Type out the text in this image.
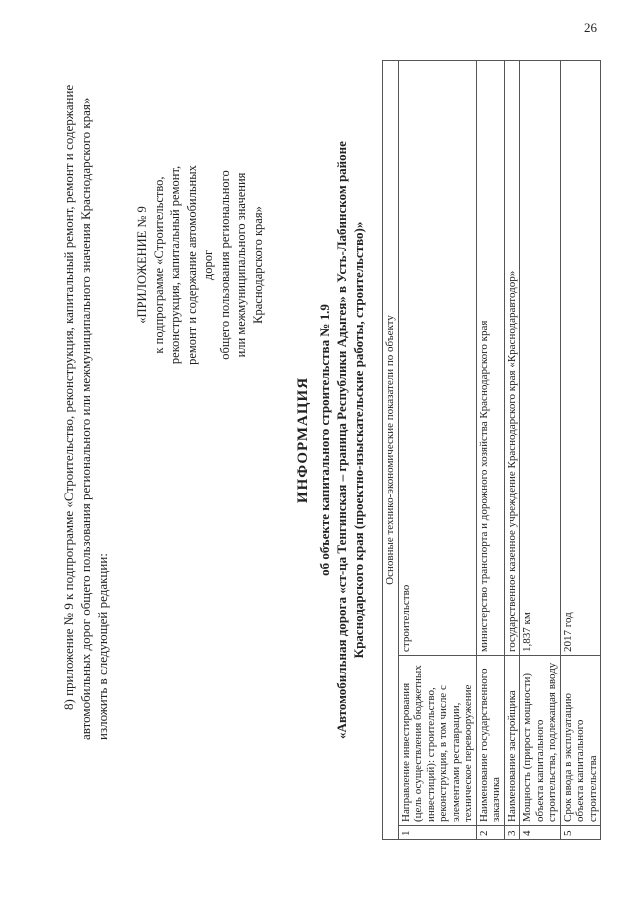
26

8) приложение № 9 к подпрограмме «Строительство, реконструкция, капитальный ремонт, ремонт и содержание автомобильных дорог общего пользования регионального или межмуниципального значения Краснодарского края» изложить в следующей редакции:

«ПРИЛОЖЕНИЕ № 9 к подпрограмме «Строительство, реконструкция, капитальный ремонт, ремонт и содержание автомобильных дорог общего пользования регионального или межмуниципального значения Краснодарского края»
ИНФОРМАЦИЯ об объекте капитального строительства № 1.9 «Автомобильная дорога «ст-ца Тенгинская – граница Республики Адыгея» в Усть-Лабинском районе Краснодарского края (проектно-изыскательские работы, строительство)» Основные технико-экономические показатели по объекту		
1	Направление инвестирования (цель осуществления бюджетных инвестиций): строительство, реконструкция, в том числе с элементами реставрации, техническое перевооружение	строительство
2	Наименование государственного заказчика	министерство транспорта и дорожного хозяйства Краснодарского края
3	Наименование застройщика	государственное казенное учреждение Краснодарского края «Краснодаравтодор»
4	Мощность (прирост мощности) объекта капитального строительства, подлежащая вводу	1,837 км
5	Срок ввода в эксплуатацию объекта капитального строительства	2017 год
